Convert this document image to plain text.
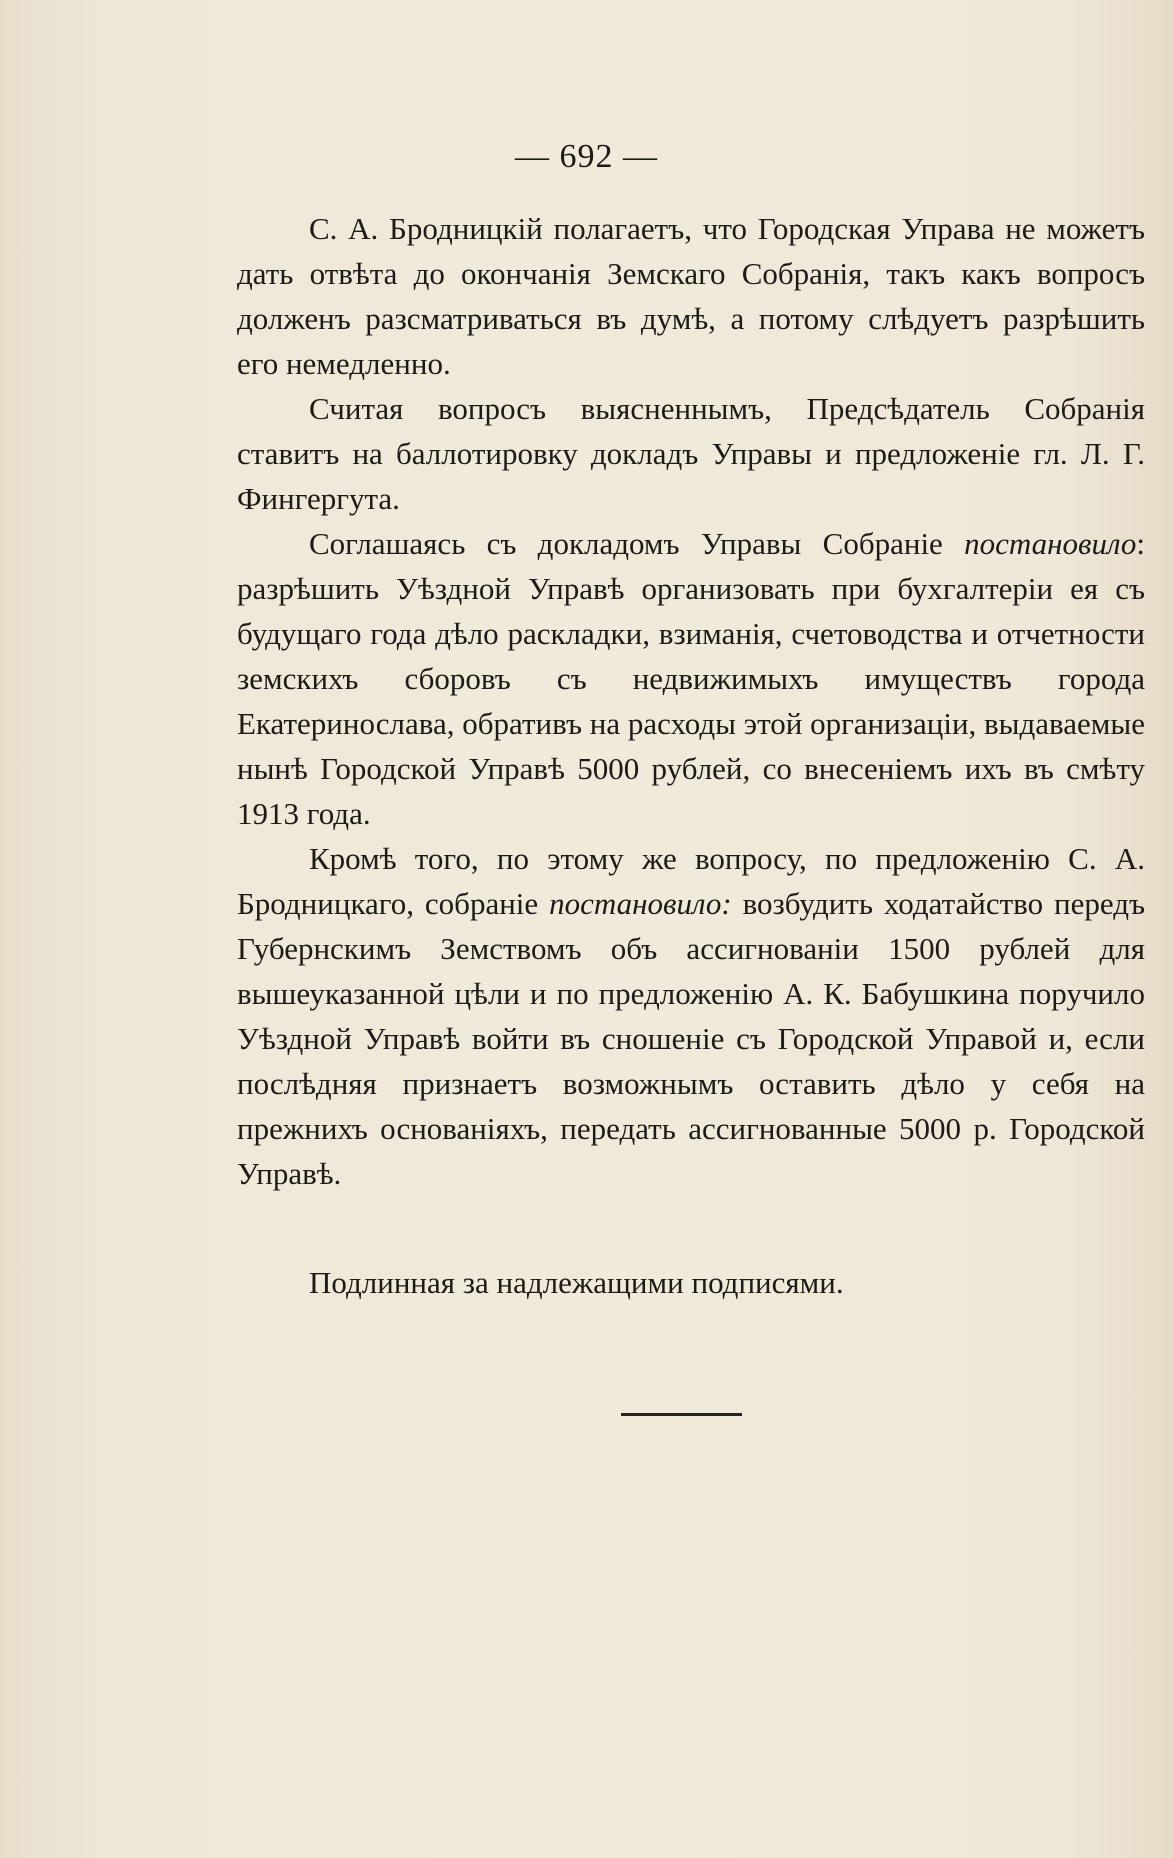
— 692 —

С. А. Бродницкій полагаетъ, что Городская Управа не можетъ дать отвѣта до окончанія Земскаго Собранія, такъ какъ вопросъ долженъ разсматриваться въ думѣ, а потому слѣдуетъ разрѣшить его немедленно.

Считая вопросъ выясненнымъ, Предсѣдатель Собранія ставитъ на баллотировку докладъ Управы и предложеніе гл. Л. Г. Фингергута.

Соглашаясь съ докладомъ Управы Собраніе постановило: разрѣшить Уѣздной Управѣ организовать при бухгалтеріи ея съ будущаго года дѣло раскладки, взиманія, счетоводства и отчетности земскихъ сборовъ съ недвижимыхъ имуществъ города Екатеринослава, обративъ на расходы этой организаціи, выдаваемые нынѣ Городской Управѣ 5000 рублей, со внесеніемъ ихъ въ смѣту 1913 года.

Кромѣ того, по этому же вопросу, по предложенію С. А. Бродницкаго, собраніе постановило: возбудить ходатайство передъ Губернскимъ Земствомъ объ ассигнованіи 1500 рублей для вышеуказанной цѣли и по предложенію А. К. Бабушкина поручило Уѣздной Управѣ войти въ сношеніе съ Городской Управой и, если послѣдняя признаетъ возможнымъ оставить дѣло у себя на прежнихъ основаніяхъ, передать ассигнованные 5000 р. Городской Управѣ.

Подлинная за надлежащими подписями.
